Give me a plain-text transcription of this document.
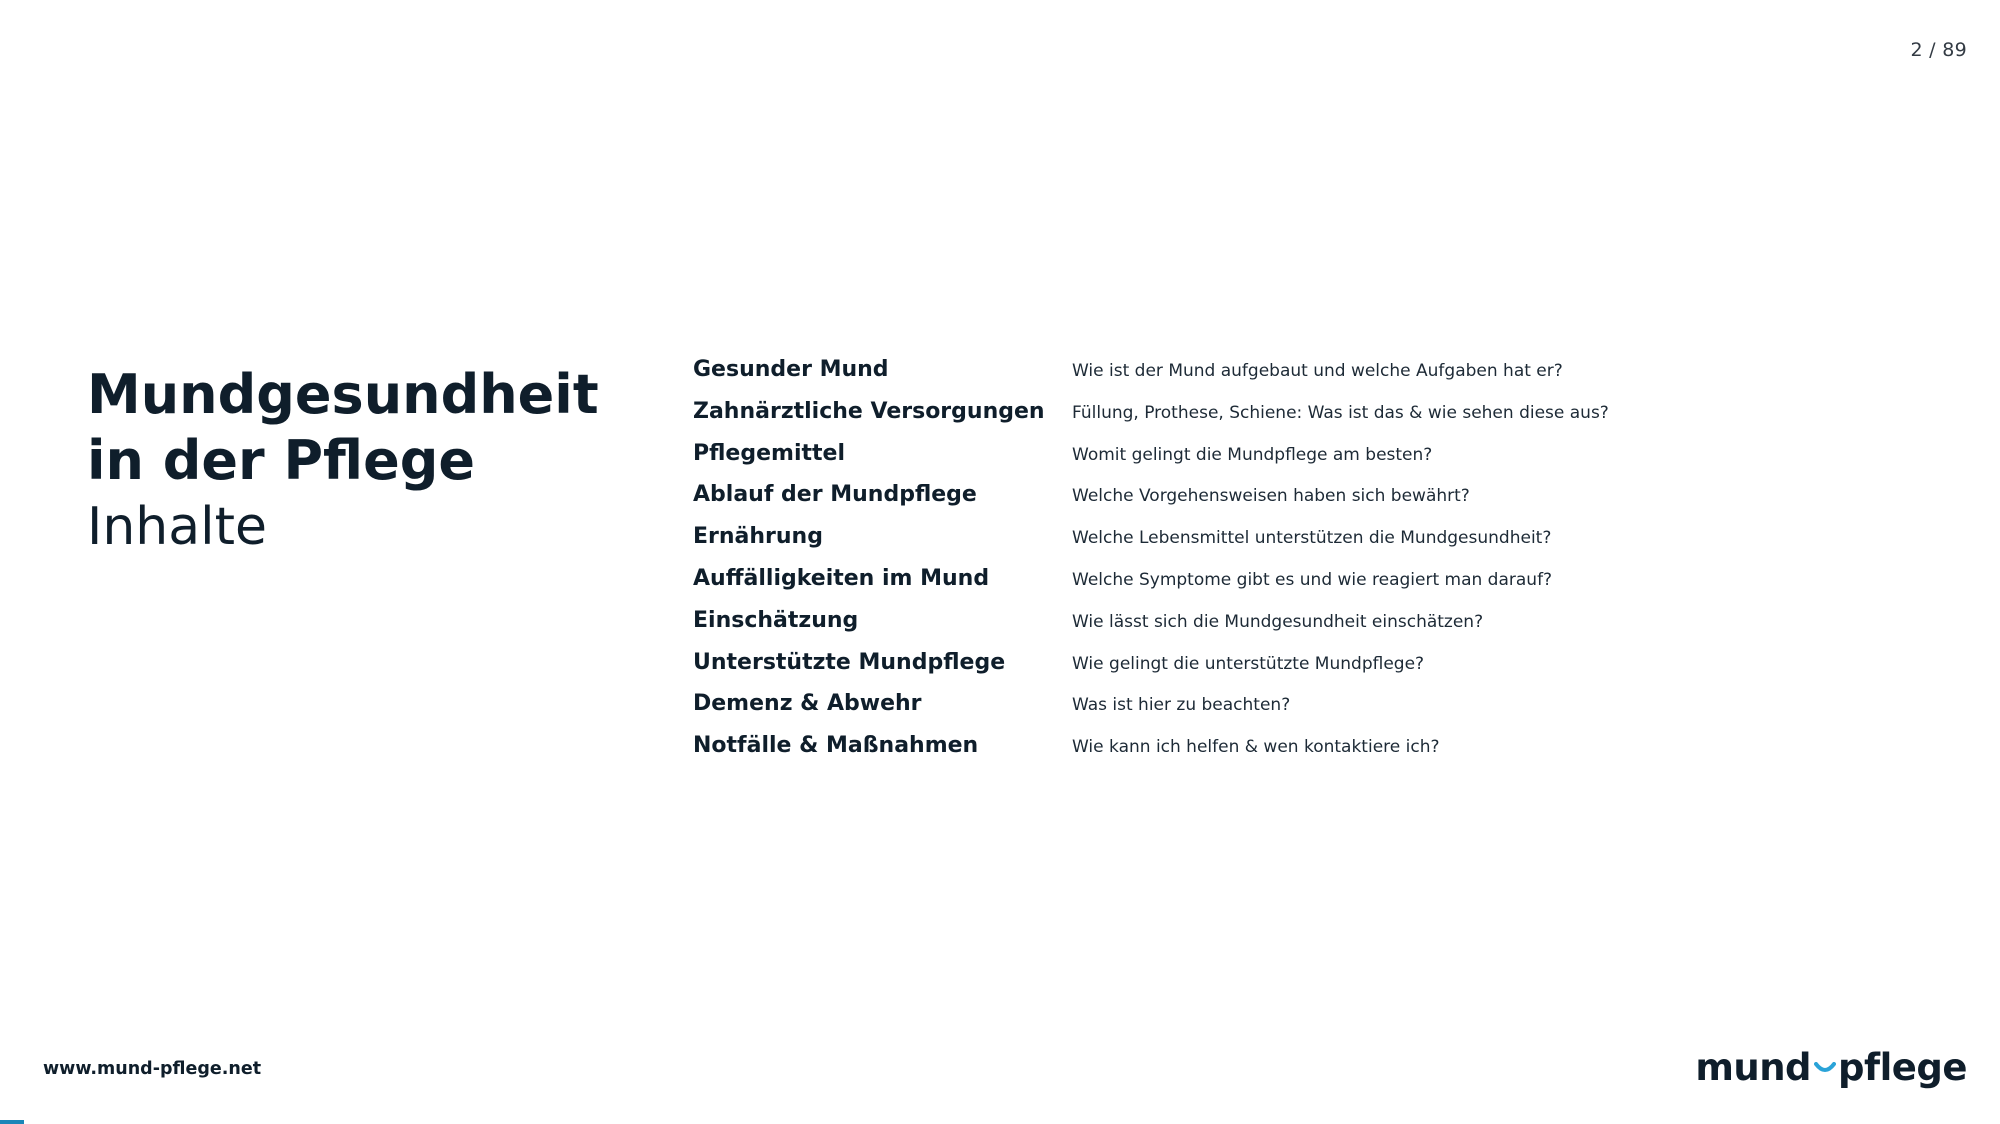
2 / 89
Mundgesundheit
in der Pflege
Inhalte
Gesunder Mund	Wie ist der Mund aufgebaut und welche Aufgaben hat er?
Zahnärztliche Versorgungen	Füllung, Prothese, Schiene: Was ist das & wie sehen diese aus?
Pflegemittel	Womit gelingt die Mundpflege am besten?
Ablauf der Mundpflege	Welche Vorgehensweisen haben sich bewährt?
Ernährung	Welche Lebensmittel unterstützen die Mundgesundheit?
Auffälligkeiten im Mund	Welche Symptome gibt es und wie reagiert man darauf?
Einschätzung	Wie lässt sich die Mundgesundheit einschätzen?
Unterstützte Mundpflege	Wie gelingt die unterstützte Mundpflege?
Demenz & Abwehr	Was ist hier zu beachten?
Notfälle & Maßnahmen	Wie kann ich helfen & wen kontaktiere ich?
www.mund-pflege.net	mund pflege
